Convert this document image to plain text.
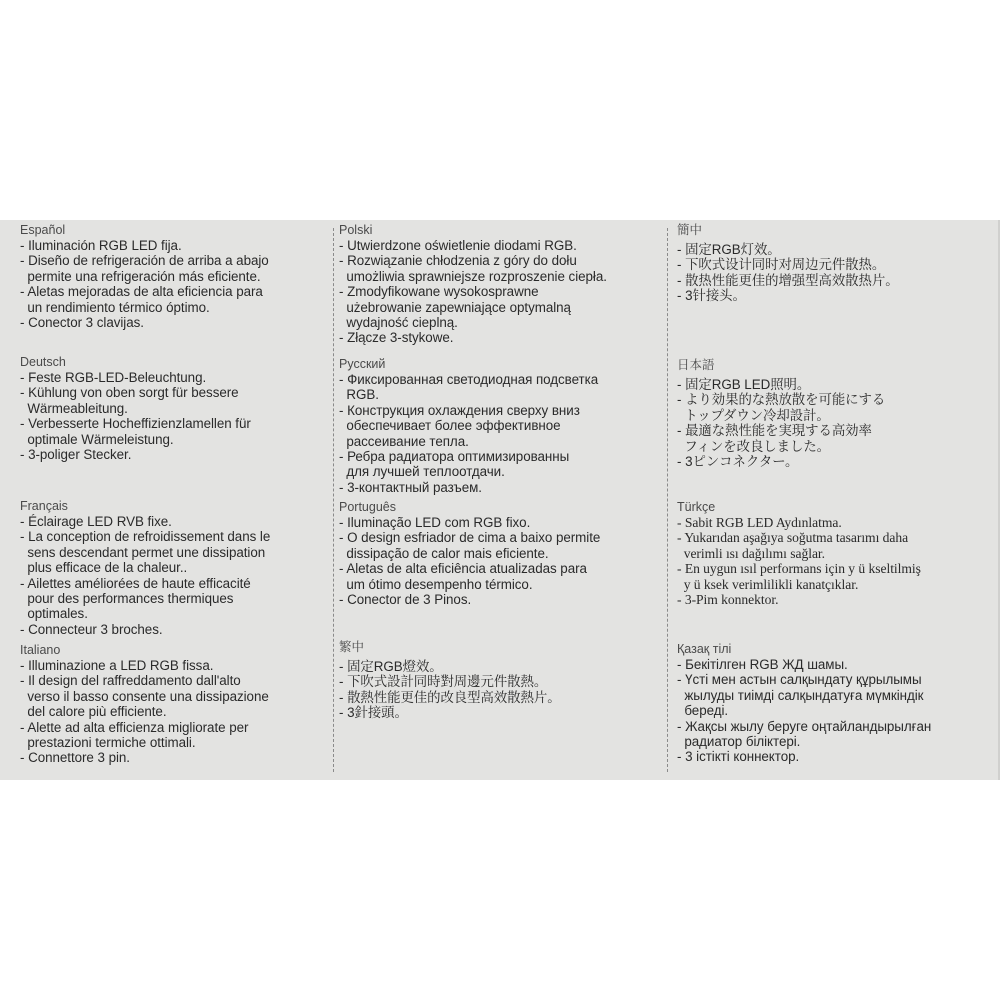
Español
- Iluminación RGB LED fija.
- Diseño de refrigeración de arriba a abajo
permite una refrigeración más eficiente.
- Aletas mejoradas de alta eficiencia para
un rendimiento térmico óptimo.
- Conector 3 clavijas.
Deutsch
- Feste RGB-LED-Beleuchtung.
- Kühlung von oben sorgt für bessere
Wärmeableitung.
- Verbesserte Hocheffizienzlamellen für
optimale Wärmeleistung.
- 3-poliger Stecker.
Français
- Éclairage LED RVB fixe.
- La conception de refroidissement dans le
sens descendant permet une dissipation
plus efficace de la chaleur..
- Ailettes améliorées de haute efficacité
pour des performances thermiques
optimales.
- Connecteur 3 broches.
Italiano
- Illuminazione a LED RGB fissa.
- Il design del raffreddamento dall'alto
verso il basso consente una dissipazione
del calore più efficiente.
- Alette ad alta efficienza migliorate per
prestazioni termiche ottimali.
- Connettore 3 pin.
Polski
- Utwierdzone oświetlenie diodami RGB.
- Rozwiązanie chłodzenia z góry do dołu
umożliwia sprawniejsze rozproszenie ciepła.
- Zmodyfikowane wysokosprawne
użebrowanie zapewniające optymalną
wydajność cieplną.
- Złącze 3-stykowe.
Русский
- Фиксированная светодиодная подсветка
RGB.
- Конструкция охлаждения сверху вниз
обеспечивает более эффективное
рассеивание тепла.
- Ребра радиатора оптимизированны
для лучшей теплоотдачи.
- 3-контактный разъем.
Português
- Iluminação LED com RGB fixo.
- O design esfriador de cima a baixo permite
dissipação de calor mais eficiente.
- Aletas de alta eficiência atualizadas para
um ótimo desempenho térmico.
- Conector de 3 Pinos.
繁中
- 固定RGB燈效。
- 下吹式設計同時對周邊元件散熱。
- 散熱性能更佳的改良型高效散熱片。
- 3針接頭。
簡中
- 固定RGB灯效。
- 下吹式设计同时对周边元件散热。
- 散热性能更佳的增强型高效散热片。
- 3针接头。
日本語
- 固定RGB LED照明。
- より効果的な熱放散を可能にする
トップダウン冷却設計。
- 最適な熱性能を実現する高効率
フィンを改良しました。
- 3ピンコネクター。
Türkçe
- Sabit RGB LED Aydınlatma.
- Yukarıdan aşağıya soğutma tasarımı daha
verimli ısı dağılımı sağlar.
- En uygun ısıl performans için y ü kseltilmiş
y ü ksek verimlilikli kanatçıklar.
- 3-Pim konnektor.
Қазақ тілі
- Бекітілген RGB ЖД шамы.
- Үсті мен астын салқындату құрылымы
жылуды тиімді салқындатуға мүмкіндік
береді.
- Жақсы жылу беруге оңтайландырылған
радиатор біліктері.
- 3 істікті коннектор.
